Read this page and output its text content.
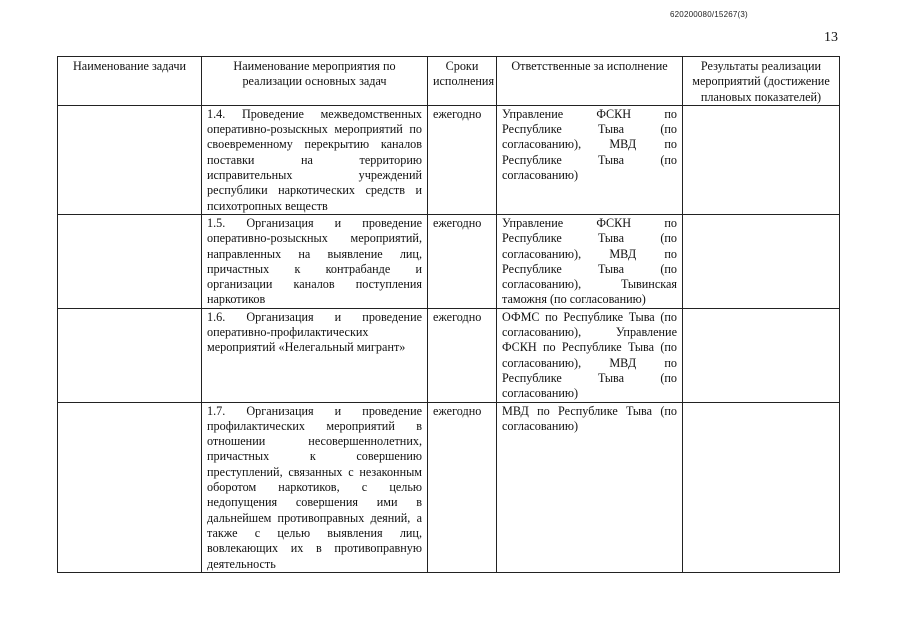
620200080/15267(3)
13
Наименование задачи	Наименование мероприятия по реализации основных задач	Сроки исполнения	Ответственные за исполнение	Результаты реализации мероприятий (достижение плановых показателей)
	1.4. Проведение межведомственных оперативно-розыскных мероприятий по своевременному перекрытию каналов поставки на территорию исправительных учреждений республики наркотических средств и психотропных веществ	ежегодно	Управление ФСКН по Республике Тыва (по согласованию), МВД по Республике Тыва (по согласованию)	
	1.5. Организация и проведение оперативно-розыскных мероприятий, направленных на выявление лиц, причастных к контрабанде и организации каналов поступления наркотиков	ежегодно	Управление ФСКН по Республике Тыва (по согласованию), МВД по Республике Тыва (по согласованию), Тывинская таможня (по согласованию)	
	1.6. Организация и проведение оперативно-профилактических мероприятий «Нелегальный мигрант»	ежегодно	ОФМС по Республике Тыва (по согласованию), Управление ФСКН по Республике Тыва (по согласованию), МВД по Республике Тыва (по согласованию)	
	1.7. Организация и проведение профилактических мероприятий в отношении несовершеннолетних, причастных к совершению преступлений, связанных с незаконным оборотом наркотиков, с целью недопущения совершения ими в дальнейшем противоправных деяний, а также с целью выявления лиц, вовлекающих их в противоправную деятельность	ежегодно	МВД по Республике Тыва (по согласованию)	
